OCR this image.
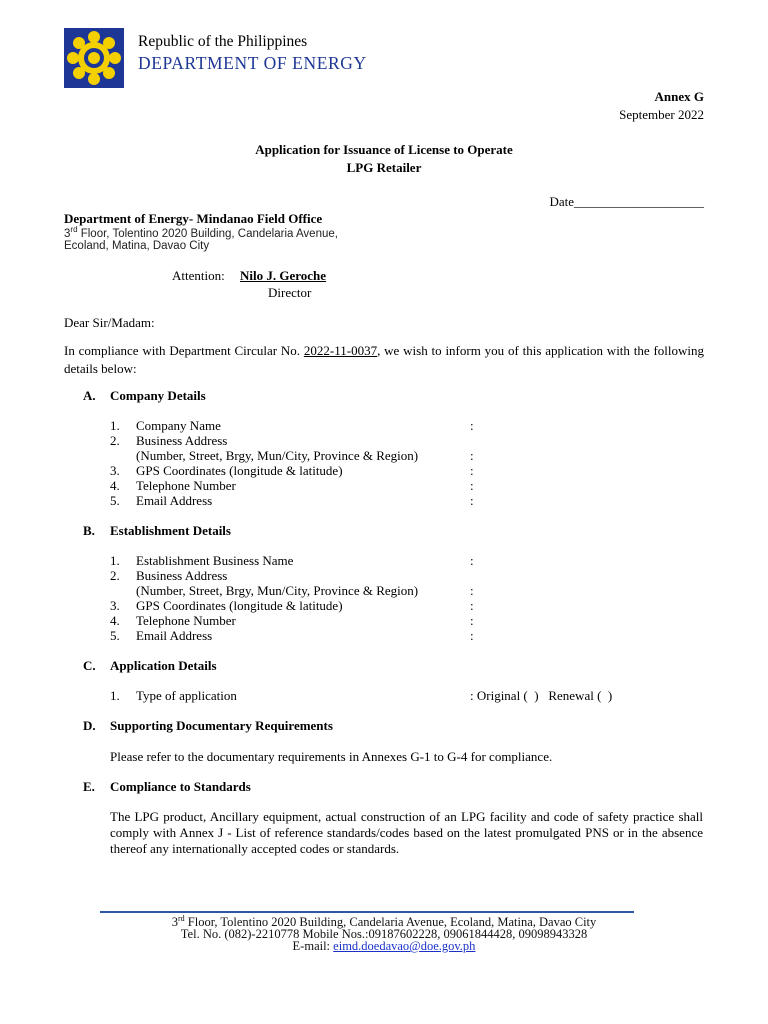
Republic of the Philippines
DEPARTMENT OF ENERGY
Annex G
September 2022
Application for Issuance of License to Operate
LPG Retailer
Date____________________
Department of Energy- Mindanao Field Office
3rd Floor, Tolentino 2020 Building, Candelaria Avenue,
Ecoland, Matina, Davao City
Attention: Nilo J. Geroche
Director
Dear Sir/Madam:
In compliance with Department Circular No. 2022-11-0037, we wish to inform you of this application with the following details below:
A. Company Details
1. Company Name	:
2. Business Address
(Number, Street, Brgy, Mun/City, Province & Region)	:
3. GPS Coordinates (longitude & latitude)	:
4. Telephone Number	:
5. Email Address	:
B. Establishment Details
1. Establishment Business Name	:
2. Business Address
(Number, Street, Brgy, Mun/City, Province & Region)	:
3. GPS Coordinates (longitude & latitude)	:
4. Telephone Number	:
5. Email Address	:
C. Application Details
1. Type of application	: Original (  )   Renewal (  )
D. Supporting Documentary Requirements
Please refer to the documentary requirements in Annexes G-1 to G-4 for compliance.
E. Compliance to Standards
The LPG product, Ancillary equipment, actual construction of an LPG facility and code of safety practice shall comply with Annex J - List of reference standards/codes based on the latest promulgated PNS or in the absence thereof any internationally accepted codes or standards.
3rd Floor, Tolentino 2020 Building, Candelaria Avenue, Ecoland, Matina, Davao City
Tel. No. (082)-2210778 Mobile Nos.:09187602228, 09061844428, 09098943328
E-mail: eimd.doedavao@doe.gov.ph
